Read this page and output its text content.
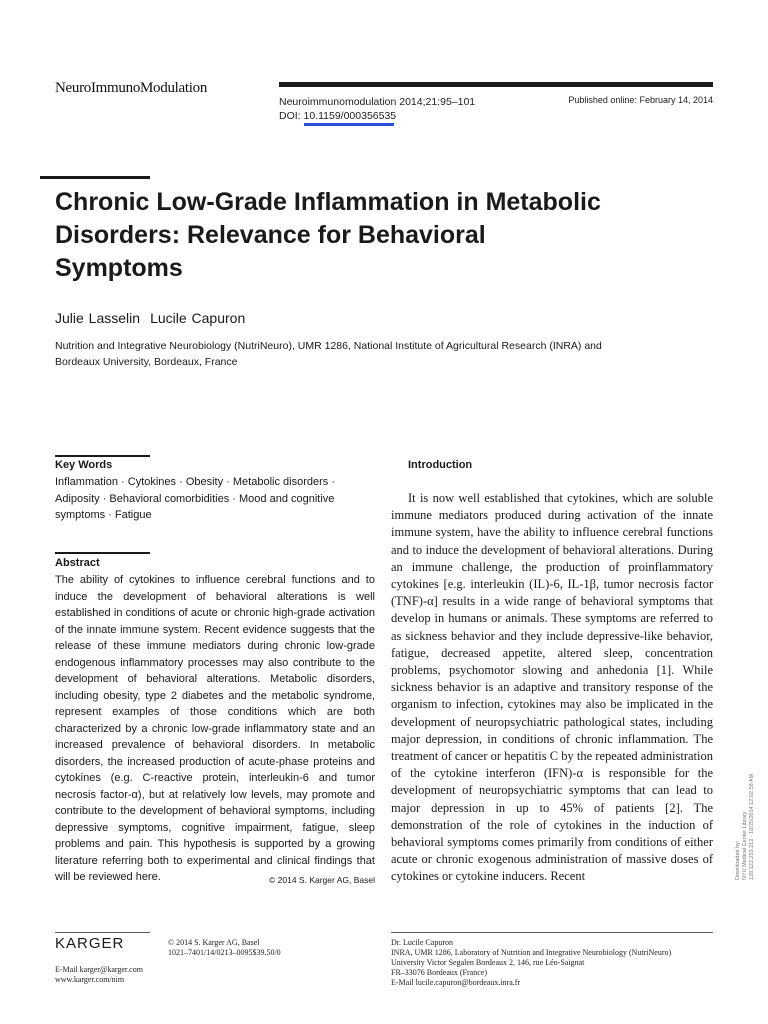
NeuroImmunoModulation
Neuroimmunomodulation 2014;21:95–101
DOI: 10.1159/000356535
Published online: February 14, 2014
Chronic Low-Grade Inflammation in Metabolic Disorders: Relevance for Behavioral Symptoms
Julie Lasselin Lucile Capuron
Nutrition and Integrative Neurobiology (NutriNeuro), UMR 1286, National Institute of Agricultural Research (INRA) and Bordeaux University, Bordeaux, France
Key Words
Inflammation · Cytokines · Obesity · Metabolic disorders · Adiposity · Behavioral comorbidities · Mood and cognitive symptoms · Fatigue
Abstract
The ability of cytokines to influence cerebral functions and to induce the development of behavioral alterations is well established in conditions of acute or chronic high-grade activation of the innate immune system. Recent evidence suggests that the release of these immune mediators during chronic low-grade endogenous inflammatory processes may also contribute to the development of behavioral alterations. Metabolic disorders, including obesity, type 2 diabetes and the metabolic syndrome, represent examples of those conditions which are both characterized by a chronic low-grade inflammatory state and an increased prevalence of behavioral disorders. In metabolic disorders, the increased production of acute-phase proteins and cytokines (e.g. C-reactive protein, interleukin-6 and tumor necrosis factor-α), but at relatively low levels, may promote and contribute to the development of behavioral symptoms, including depressive symptoms, cognitive impairment, fatigue, sleep problems and pain. This hypothesis is supported by a growing literature referring both to experimental and clinical findings that will be reviewed here.	© 2014 S. Karger AG, Basel
Introduction
It is now well established that cytokines, which are soluble immune mediators produced during activation of the innate immune system, have the ability to influence cerebral functions and to induce the development of behavioral alterations. During an immune challenge, the production of proinflammatory cytokines [e.g. interleukin (IL)-6, IL-1β, tumor necrosis factor (TNF)-α] results in a wide range of behavioral symptoms that develop in humans or animals. These symptoms are referred to as sickness behavior and they include depressive-like behavior, fatigue, decreased appetite, altered sleep, concentration problems, psychomotor slowing and anhedonia [1]. While sickness behavior is an adaptive and transitory response of the organism to infection, cytokines may also be implicated in the development of neuropsychiatric pathological states, including major depression, in conditions of chronic inflammation. The treatment of cancer or hepatitis C by the repeated administration of the cytokine interferon (IFN)-α is responsible for the development of neuropsychiatric symptoms that can lead to major depression in up to 45% of patients [2]. The demonstration of the role of cytokines in the induction of behavioral symptoms comes primarily from conditions of either acute or chronic exogenous administration of massive doses of cytokines or cytokine inducers. Recent
KARGER
E-Mail karger@karger.com
www.karger.com/nim
© 2014 S. Karger AG, Basel
1021–7401/14/0213–0095$39.50/0
Dr. Lucile Capuron
INRA, UMR 1286, Laboratory of Nutrition and Integrative Neurobiology (NutriNeuro)
University Victor Segalen Bordeaux 2, 146, rue Léo-Saignat
FR–33076 Bordeaux (France)
E-Mail lucile.capuron@bordeaux.inra.fr
Downloaded by: NYU Medical Center Library 128.122.253.212 - 10/25/2014 12:02:58 AM
